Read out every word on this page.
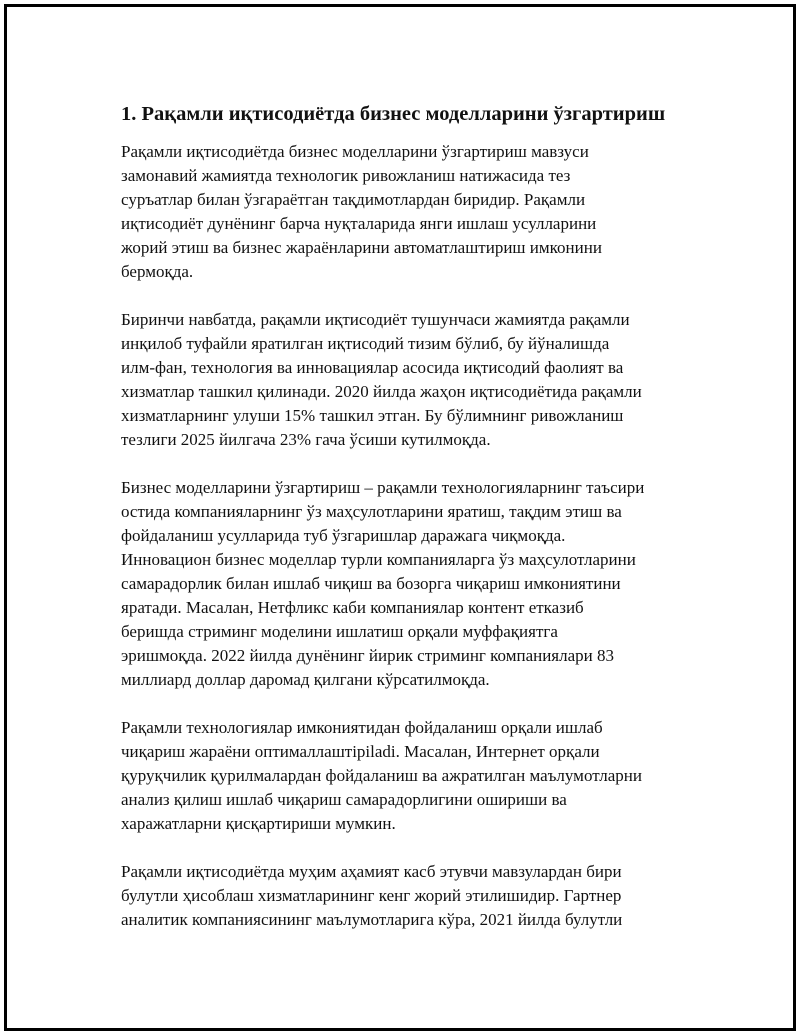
1. Рақамли иқтисодиётда бизнес моделларини ўзгартириш
Рақамли иқтисодиётда бизнес моделларини ўзгартириш мавзуси
замонавий жамиятда технологик ривожланиш натижасида тез
суръатлар билан ўзгараётган тақдимотлардан биридир. Рақамли
иқтисодиёт дунёнинг барча нуқталарида янги ишлаш усулларини
жорий этиш ва бизнес жараёнларини автоматлаштириш имконини
бермоқда.
Биринчи навбатда, рақамли иқтисодиёт тушунчаси жамиятда рақамли
инқилоб туфайли яратилган иқтисодий тизим бўлиб, бу йўналишда
илм-фан, технология ва инновациялар асосида иқтисодий фаолият ва
хизматлар ташкил қилинади. 2020 йилда жаҳон иқтисодиётида рақамли
хизматларнинг улуши 15% ташкил этган. Бу бўлимнинг ривожланиш
тезлиги 2025 йилгача 23% гача ўсиши кутилмоқда.
Бизнес моделларини ўзгартириш – рақамли технологияларнинг таъсири
остида компанияларнинг ўз маҳсулотларини яратиш, тақдим этиш ва
фойдаланиш усулларида туб ўзгаришлар даражага чиқмоқда.
Инновацион бизнес моделлар турли компанияларга ўз маҳсулотларини
самарадорлик билан ишлаб чиқиш ва бозорга чиқариш имкониятини
яратади. Масалан, Нетфликс каби компаниялар контент етказиб
беришда стриминг моделини ишлатиш орқали муффақиятга
эришмоқда. 2022 йилда дунёнинг йирик стриминг компаниялари 83
миллиард доллар даромад қилгани кўрсатилмоқда.
Рақамли технологиялар имкониятидан фойдаланиш орқали ишлаб
чиқариш жараёни оптималлаштiрiladi. Масалан, Интернет орқали
қуруқчилик қурилмалардан фойдаланиш ва ажратилган маълумотларни
анализ қилиш ишлаб чиқариш самарадорлигини ошириши ва
харажатларни қисқартириши мумкин.
Рақамли иқтисодиётда муҳим аҳамият касб этувчи мавзулардан бири
булутли ҳисоблаш хизматларининг кенг жорий этилишидир. Гартнер
аналитик компаниясининг маълумотларига кўра, 2021 йилда булутли
